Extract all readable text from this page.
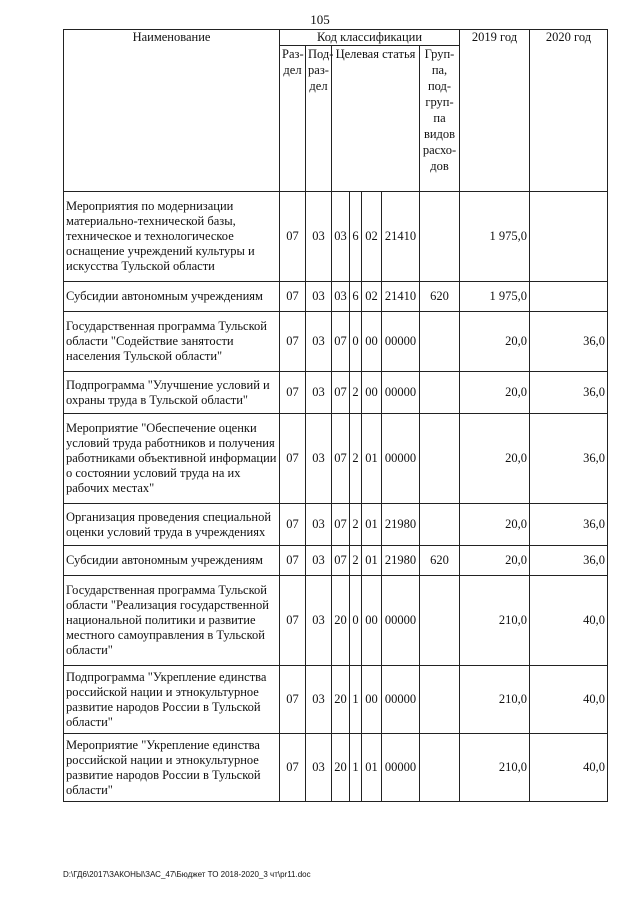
105
Наименование	Код классификации							2019 год	2020 год
	Раз-дел	Под-раз-дел	Целевая статья				Груп-па, под-груп-па видов расхо-дов		
Мероприятия по модернизации материально-технической базы, техническое и технологическое оснащение учреждений культуры и искусства Тульской области	07	03	03	6	02	21410		1 975,0	
Субсидии автономным учреждениям	07	03	03	6	02	21410	620	1 975,0	
Государственная программа Тульской области "Содействие занятости населения Тульской области"	07	03	07	0	00	00000		20,0	36,0
Подпрограмма "Улучшение условий и охраны труда в Тульской области"	07	03	07	2	00	00000		20,0	36,0
Мероприятие "Обеспечение оценки условий труда работников и получения работниками объективной информации о состоянии условий труда на их рабочих местах"	07	03	07	2	01	00000		20,0	36,0
Организация проведения специальной оценки условий труда в учреждениях	07	03	07	2	01	21980		20,0	36,0
Субсидии автономным учреждениям	07	03	07	2	01	21980	620	20,0	36,0
Государственная программа Тульской области "Реализация государственной национальной политики и развитие местного самоуправления в Тульской области"	07	03	20	0	00	00000		210,0	40,0
Подпрограмма "Укрепление единства российской нации и этнокультурное развитие народов России в Тульской области"	07	03	20	1	00	00000		210,0	40,0
Мероприятие "Укрепление единства российской нации и этнокультурное развитие народов России в Тульской области"	07	03	20	1	01	00000		210,0	40,0
D:\ГД6\2017\ЗАКОНЫ\ЗАС_47\Бюджет ТО 2018-2020_3 чт\pr11.doc
